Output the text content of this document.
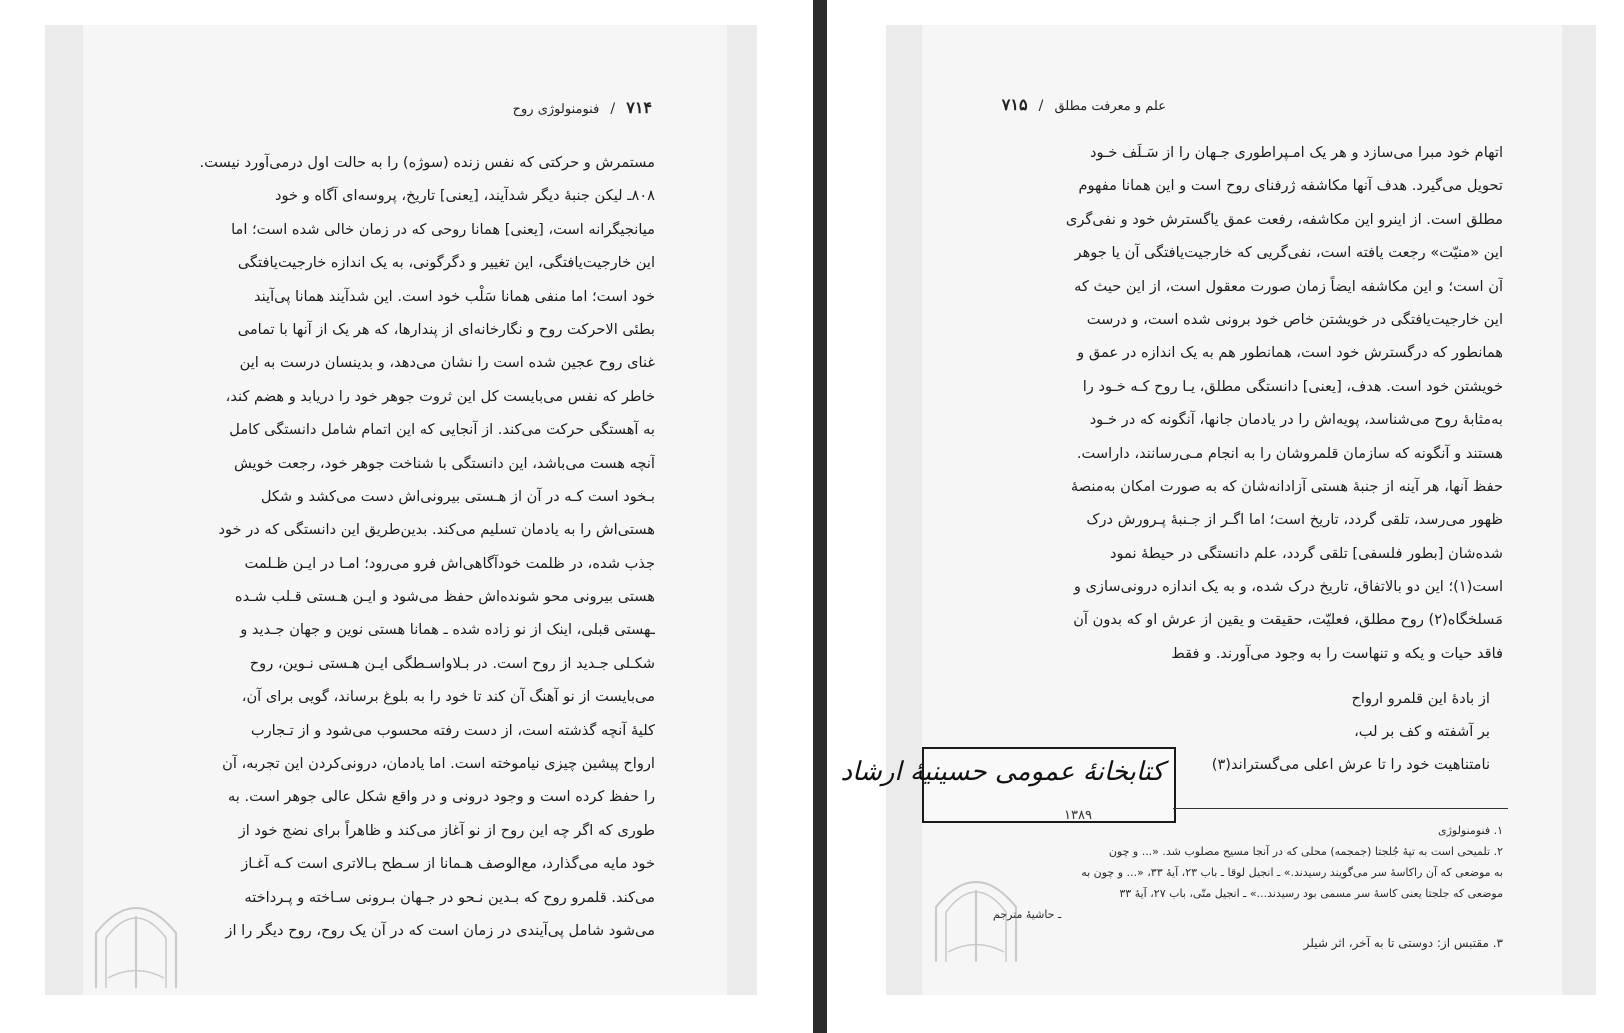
۷۱۴ / فنومنولوژی روح
مستمرش و حرکتی که نفس زنده (سوژه) را به حالت اول درمی‌آورد نیست.
۸۰۸ـ لیکن جنبهٔ دیگر شدآیند، [یعنی] تاریخ، پروسه‌ای آگاه و خود
میانجیگرانه است، [یعنی] همانا روحی که در زمان خالی شده است؛ اما
این خارجیت‌یافتگی، این تغییر و دگرگونی، به یک اندازه خارجیت‌یافتگی
خود است؛ اما منفی همانا سَلْب خود است. این شدآیند همانا پی‌آیند
بطئی الاحرکت روح و نگارخانه‌ای از پندارها، که هر یک از آنها با تمامی
غنای روح عجین شده است را نشان می‌دهد، و بدینسان درست به این
خاطر که نفس می‌بایست کل این ثروت جوهر خود را دریابد و هضم کند،
به آهستگی حرکت می‌کند. از آنجایی که این اتمام شامل دانستگی کامل
آنچه هست می‌باشد، این دانستگی با شناخت جوهر خود، رجعت خویش
بـخود است کـه در آن از هـستی بیرونی‌اش دست می‌کشد و شکل
هستی‌اش را به یادمان تسلیم می‌کند. بدین‌طریق این دانستگی که در خود
جذب شده، در ظلمت خودآگاهی‌اش فرو می‌رود؛ امـا در ایـن ظـلمت
هستی بیرونی محو شونده‌اش حفظ می‌شود و ایـن هـستی قـلب شـده
ـهستی قبلی، اینک از نو زاده شده ـ همانا هستی نوین و جهان جـدید و
شکـلی جـدید از روح است. در بـلاواسـطگی ایـن هـستی نـوین، روح
می‌بایست از نو آهنگ آن کند تا خود را به بلوغ برساند، گویی برای آن،
کلیهٔ آنچه گذشته است، از دست رفته محسوب می‌شود و از تـجارب
ارواح پیشین چیزی نیاموخته است. اما یادمان، درونی‌کردن این تجربه، آن
را حفظ کرده است و وجود درونی و در واقع شکل عالی جوهر است. به
طوری که اگر چه این روح از نو آغاز می‌کند و ظاهراً برای نضج خود از
خود مایه می‌گذارد، مع‌الوصف هـمانا از سـطح بـالاتری است کـه آغـاز
می‌کند. قلمرو روح که بـدین نـحو در جـهان بـرونی سـاخته و پـرداخته
می‌شود شامل پی‌آیندی در زمان است که در آن یک روح، روح دیگر را از
علم و معرفت مطلق / ۷۱۵
اتهام خود مبرا می‌سازد و هر یک امـپراطوری جـهان را از سَـلَف خـود
تحویل می‌گیرد. هدف آنها مکاشفه ژرفنای روح است و این همانا مفهوم
مطلق است. از اینرو این مکاشفه، رفعت عمق یاگسترش خود و نفی‌گری
این «منیّت» رجعت یافته است، نفی‌گریی که خارجیت‌یافتگی آن یا جوهر
آن است؛ و این مکاشفه ایضاً زمان صورت معقول است، از این حیث که
این خارجیت‌یافتگی در خویشتن خاص خود برونی شده است، و درست
همانطور که درگسترش خود است، همانطور هم به یک اندازه در عمق و
خویشتن خود است. هدف، [یعنی] دانستگی مطلق، یـا روح کـه خـود را
به‌مثابهٔ روح می‌شناسد، پویه‌اش را در یادمان جانها، آنگونه که در خـود
هستند و آنگونه که سازمان قلمروشان را به انجام مـی‌رسانند، داراست.
حفظ آنها، هر آینه از جنبهٔ هستی آزادانه‌شان که به صورت امکان به‌منصهٔ
ظهور می‌رسد، تلقی گردد، تاریخ است؛ اما اگـر از جـنبهٔ پـرورش درک
شده‌شان [بطور فلسفی] تلقی گردد، علم دانستگی در حیطهٔ نمود
است(۱)؛ این دو بالاتفاق، تاریخ درک شده، و به یک اندازه درونی‌سازی و
مَسلخگاه(۲) روح مطلق، فعلیّت، حقیقت و یقین از عرش او که بدون آن
فاقد حیات و یکه و تنهاست را به وجود می‌آورند. و فقط
از بادهٔ این قلمرو ارواح
بر آشفته و کف بر لب،
نامتناهیت خود را تا عرش اعلی می‌گستراند(۳)
کتابخانهٔ عمومی حسینیهٔ ارشاد
۱۳۸۹
۱. فنومنولوژی
۲. تلمیحی است به تپهٔ جُلجتا (جمجمه) محلی که در آنجا مسیح مصلوب شد. «... و چون
به موضعی که آن راکاسهٔ سر می‌گویند رسیدند.» ـ انجیل لوقا ـ باب ۲۳، آیهٔ ۳۳، «... و چون به
موضعی که جلجتا یعنی کاسهٔ سر مسمی بود رسیدند...» ـ انجیل متّی، باب ۲۷، آیهٔ ۳۳
ـ حاشیهٔ مترجم
۳. مقتبس از: دوستی تا به آخر، اثر شیلر
